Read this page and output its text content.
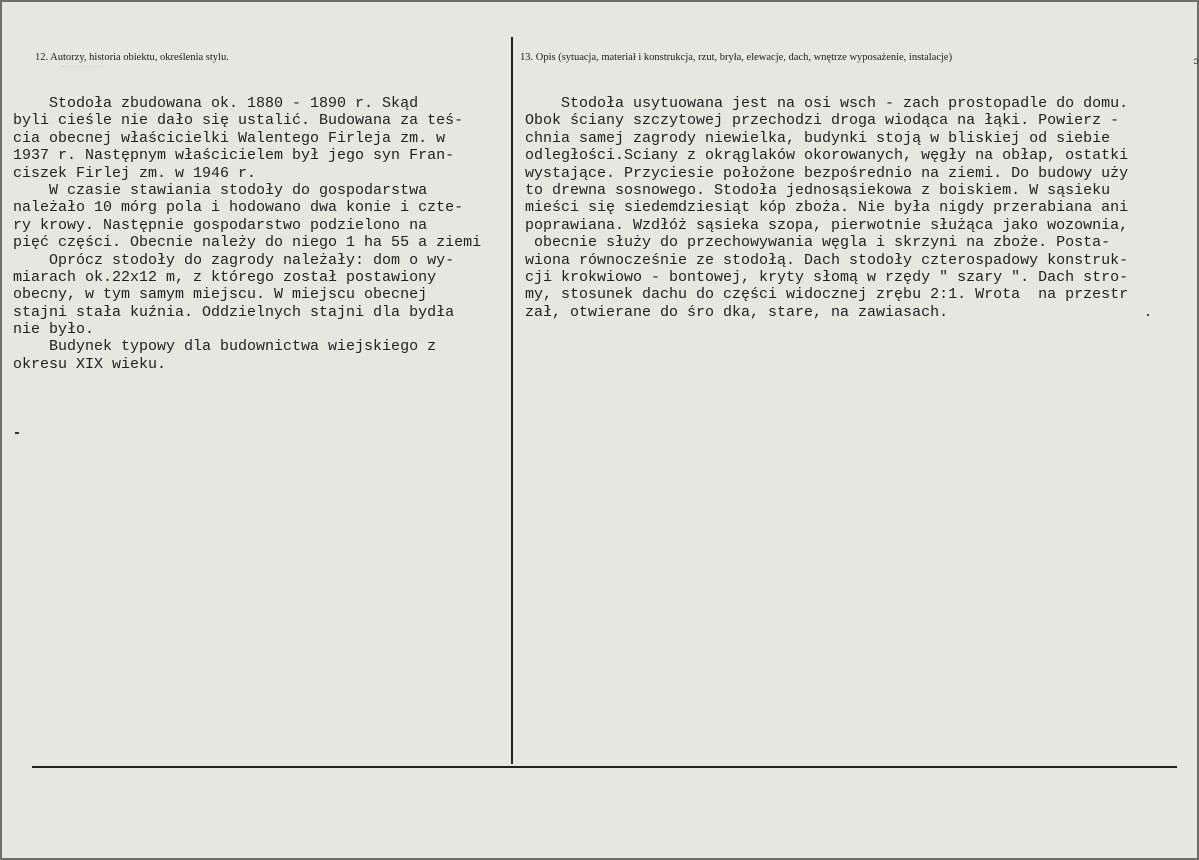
12. Autorzy, historia obiektu, określenia stylu.	13. Opis (sytuacja, materiał i konstrukcja, rzut, bryła, elewacje, dach, wnętrze wyposażenie, instalacje)
Stodoła zbudowana ok. 1880 - 1890 r. Skąd
byli cieśle nie dało się ustalić. Budowana za teś-
cia obecnej właścicielki Walentego Firleja zm. w
1937 r. Następnym właścicielem był jego syn Fran-
ciszek Firlej zm. w 1946 r.
W czasie stawiania stodoły do gospodarstwa
należało 10 mórg pola i hodowano dwa konie i czte-
ry krowy. Następnie gospodarstwo podzielono na
pięć części. Obecnie należy do niego 1 ha 55 a ziemi
Oprócz stodoły do zagrody należały: dom o wy-
miarach ok.22x12 m, z którego został postawiony
obecny, w tym samym miejscu. W miejscu obecnej
stajni stała kuźnia. Oddzielnych stajni dla bydła
nie było.
Budynek typowy dla budownictwa wiejskiego z
okresu XIX wieku.
Stodoła usytuowana jest na osi wsch - zach prostopadle do domu.
Obok ściany szczytowej przechodzi droga wiodąca na łąki. Powierz -
chnia samej zagrody niewielka, budynki stoją w bliskiej od siebie
odległości.Sciany z okrąglaków okorowanych, węgły na obłap, ostatki
wystające. Przyciesie położone bezpośrednio na ziemi. Do budowy uży
to drewna sosnowego. Stodoła jednosąsiekowa z boiskiem. W sąsieku
mieści się siedemdziesiąt kóp zboża. Nie była nigdy przerabiana ani
poprawiana. Wzdłóż sąsieka szopa, pierwotnie służąca jako wozownia,
obecnie służy do przechowywania węgla i skrzyni na zboże. Posta-
wiona równocześnie ze stodołą. Dach stodoły czterospadowy konstruk-
cji krokwiowo - bontowej, kryty słomą w rzędy " szary ". Dach stro-
my, stosunek dachu do części widocznej zrębu 2:1. Wrota  na przestr
zał, otwierane do śro dka, stare, na zawiasach.
ɔ
